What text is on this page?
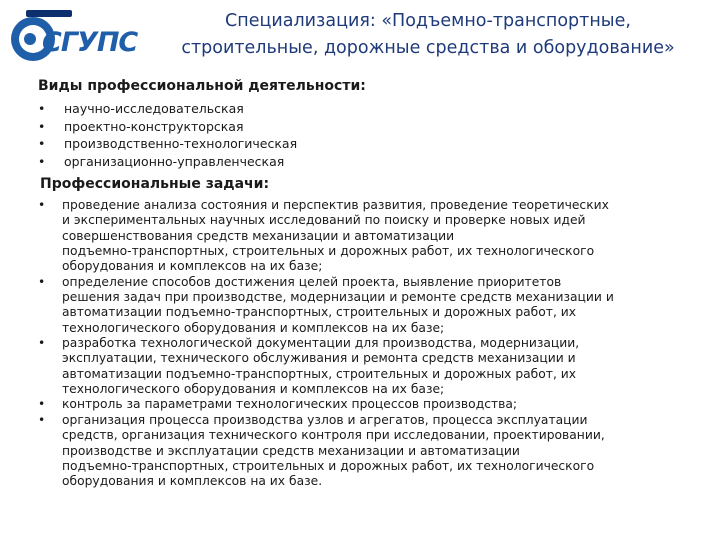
СГУПС
Специализация: «Подъемно-транспортные,
строительные, дорожные средства и оборудование»
Виды профессиональной деятельности:
• научно-исследовательская
• проектно-конструкторская
• производственно-технологическая
• организационно-управленческая
Профессиональные задачи:
• проведение анализа состояния и перспектив развития, проведение теоретических
и экспериментальных научных исследований по поиску и проверке новых идей
совершенствования средств механизации и автоматизации
подъемно-транспортных, строительных и дорожных работ, их технологического
оборудования и комплексов на их базе;
• определение способов достижения целей проекта, выявление приоритетов
решения задач при производстве, модернизации и ремонте средств механизации и
автоматизации подъемно-транспортных, строительных и дорожных работ, их
технологического оборудования и комплексов на их базе;
• разработка технологической документации для производства, модернизации,
эксплуатации, технического обслуживания и ремонта средств механизации и
автоматизации подъемно-транспортных, строительных и дорожных работ, их
технологического оборудования и комплексов на их базе;
• контроль за параметрами технологических процессов производства;
• организация процесса производства узлов и агрегатов, процесса эксплуатации
средств, организация технического контроля при исследовании, проектировании,
производстве и эксплуатации средств механизации и автоматизации
подъемно-транспортных, строительных и дорожных работ, их технологического
оборудования и комплексов на их базе.
